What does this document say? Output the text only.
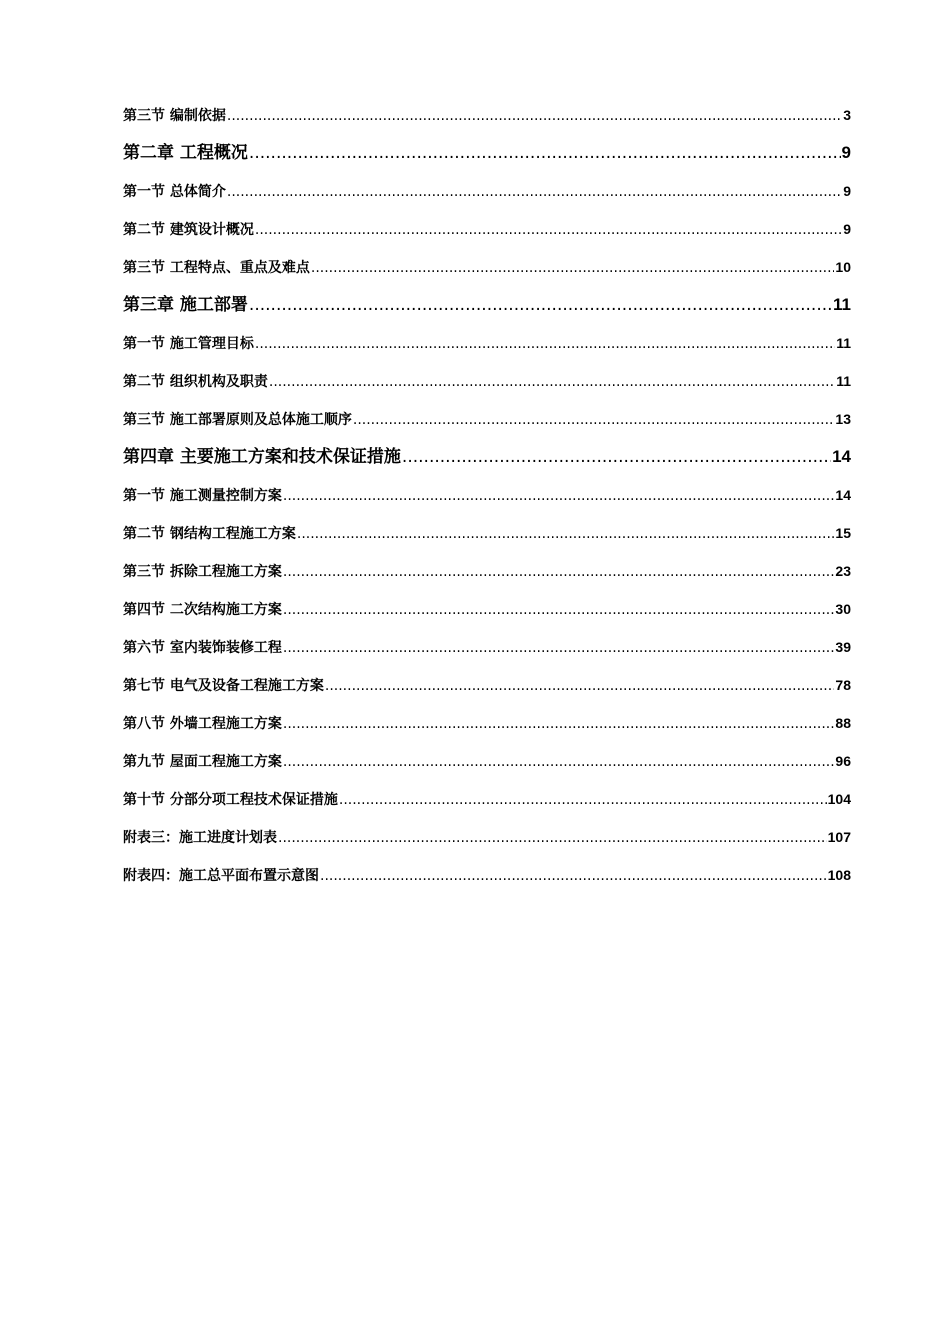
第三节 编制依据 .....	3
第二章 工程概况 .....	9
第一节 总体简介 .....	9
第二节 建筑设计概况 .....	9
第三节 工程特点、重点及难点 .....	10
第三章 施工部署 .....	11
第一节 施工管理目标 .....	11
第二节 组织机构及职责 .....	11
第三节 施工部署原则及总体施工顺序 .....	13
第四章 主要施工方案和技术保证措施 .....	14
第一节 施工测量控制方案 .....	14
第二节 钢结构工程施工方案 .....	15
第三节 拆除工程施工方案 .....	23
第四节 二次结构施工方案 .....	30
第六节 室内装饰装修工程 .....	39
第七节 电气及设备工程施工方案 .....	78
第八节 外墙工程施工方案 .....	88
第九节 屋面工程施工方案 .....	96
第十节 分部分项工程技术保证措施 .....	104
附表三：施工进度计划表 .....	107
附表四：施工总平面布置示意图 .....	108
